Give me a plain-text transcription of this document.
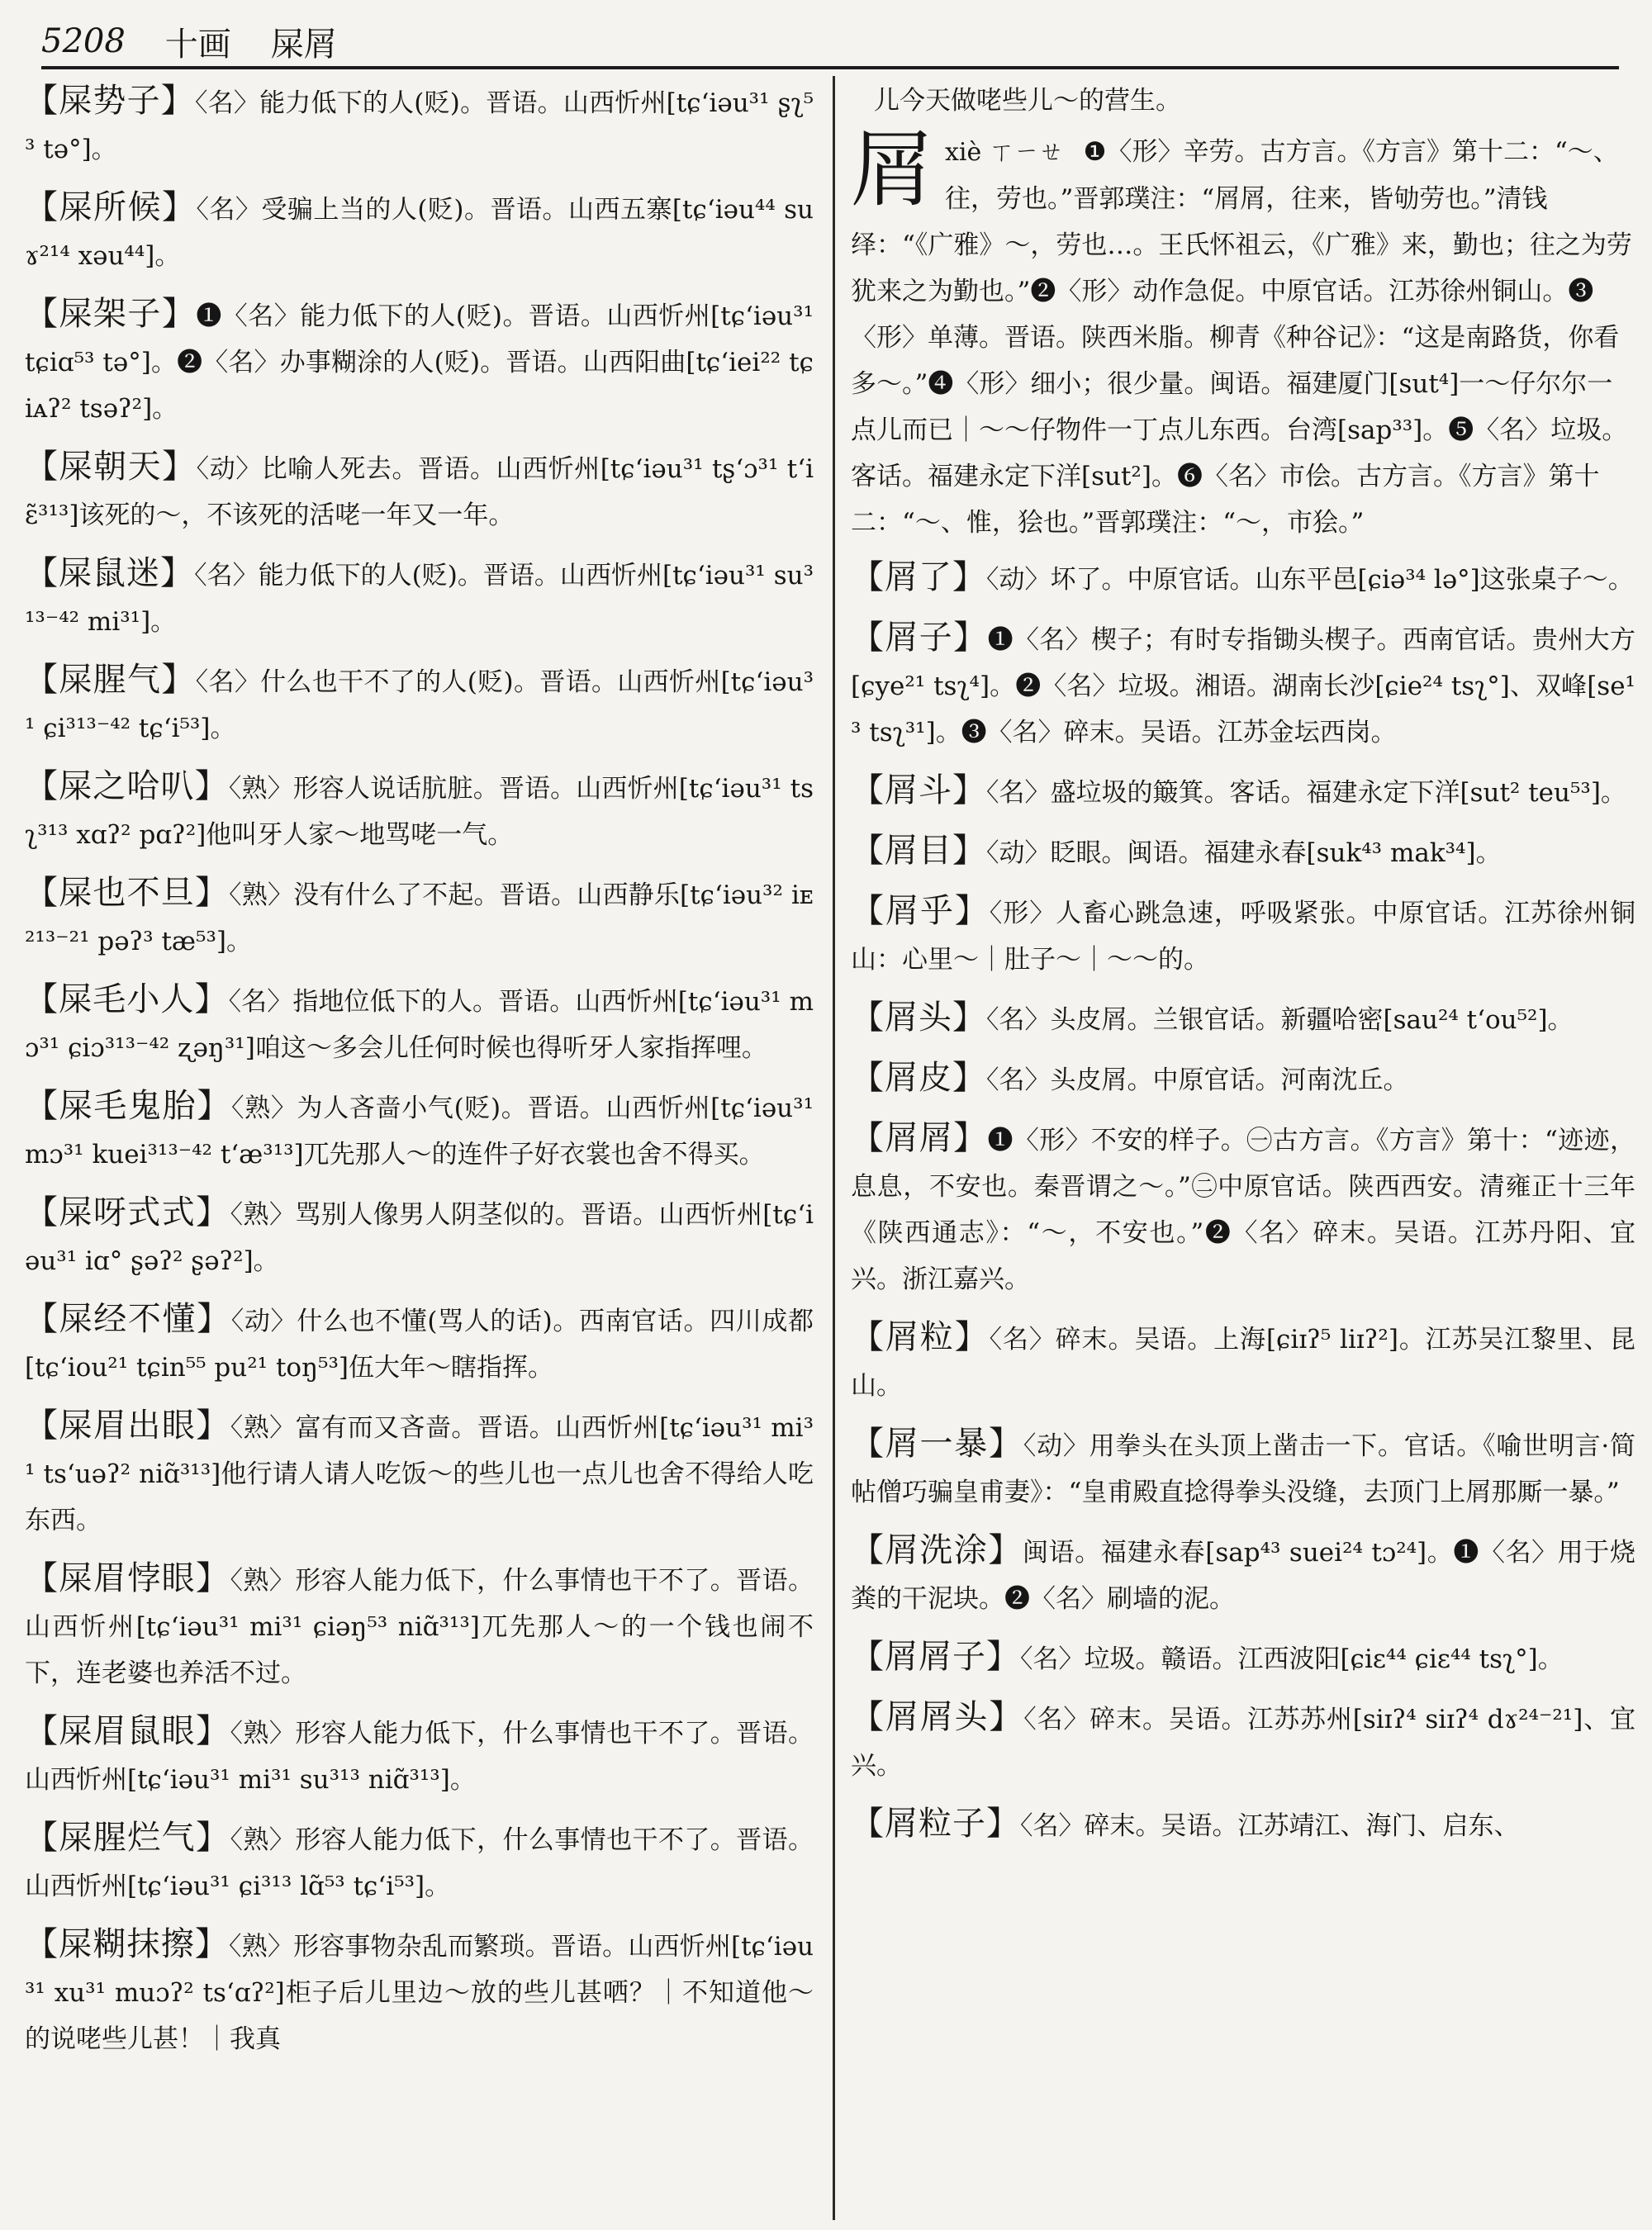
5208 十画 屎屑

【屎势子】〈名〉能力低下的人(贬)。晋语。山西忻州[tɕʻiəu³¹ ʂʅ⁵³ tə°]。

【屎所候】〈名〉受骗上当的人(贬)。晋语。山西五寨[tɕʻiəu⁴⁴ suɤ²¹⁴ xəu⁴⁴]。

【屎架子】❶〈名〉能力低下的人(贬)。晋语。山西忻州[tɕʻiəu³¹ tɕiɑ⁵³ tə°]。❷〈名〉办事糊涂的人(贬)。晋语。山西阳曲[tɕʻiei²² tɕiᴀʔ² tsəʔ²]。

【屎朝天】〈动〉比喻人死去。晋语。山西忻州[tɕʻiəu³¹ tʂʻɔ³¹ tʻiɛ̃³¹³]该死的～，不该死的活咾一年又一年。

【屎鼠迷】〈名〉能力低下的人(贬)。晋语。山西忻州[tɕʻiəu³¹ su³¹³⁻⁴² mi³¹]。

【屎腥气】〈名〉什么也干不了的人(贬)。晋语。山西忻州[tɕʻiəu³¹ ɕi³¹³⁻⁴² tɕʻi⁵³]。

【屎之哈叭】〈熟〉形容人说话肮脏。晋语。山西忻州[tɕʻiəu³¹ tsʅ³¹³ xɑʔ² pɑʔ²]他叫牙人家～地骂咾一气。

【屎也不旦】〈熟〉没有什么了不起。晋语。山西静乐[tɕʻiəu³² iᴇ²¹³⁻²¹ pəʔ³ tæ⁵³]。

【屎毛小人】〈名〉指地位低下的人。晋语。山西忻州[tɕʻiəu³¹ mɔ³¹ ɕiɔ³¹³⁻⁴² ʐəŋ³¹]咱这～多会儿任何时候也得听牙人家指挥哩。

【屎毛鬼胎】〈熟〉为人吝啬小气(贬)。晋语。山西忻州[tɕʻiəu³¹ mɔ³¹ kuei³¹³⁻⁴² tʻæ³¹³]兀先那人～的连件子好衣裳也舍不得买。

【屎呀式式】〈熟〉骂别人像男人阴茎似的。晋语。山西忻州[tɕʻiəu³¹ iɑ° ʂəʔ² ʂəʔ²]。

【屎经不懂】〈动〉什么也不懂(骂人的话)。西南官话。四川成都[tɕʻiou²¹ tɕin⁵⁵ pu²¹ toŋ⁵³]伍大年～瞎指挥。

【屎眉出眼】〈熟〉富有而又吝啬。晋语。山西忻州[tɕʻiəu³¹ mi³¹ tsʻuəʔ² niɑ̃³¹³]他行请人请人吃饭～的些儿也一点儿也舍不得给人吃东西。

【屎眉悖眼】〈熟〉形容人能力低下，什么事情也干不了。晋语。山西忻州[tɕʻiəu³¹ mi³¹ ɕiəŋ⁵³ niɑ̃³¹³]兀先那人～的一个钱也闹不下，连老婆也养活不过。

【屎眉鼠眼】〈熟〉形容人能力低下，什么事情也干不了。晋语。山西忻州[tɕʻiəu³¹ mi³¹ su³¹³ niɑ̃³¹³]。

【屎腥烂气】〈熟〉形容人能力低下，什么事情也干不了。晋语。山西忻州[tɕʻiəu³¹ ɕi³¹³ lɑ̃⁵³ tɕʻi⁵³]。

【屎糊抹擦】〈熟〉形容事物杂乱而繁琐。晋语。山西忻州[tɕʻiəu³¹ xu³¹ muɔʔ² tsʻɑʔ²]柜子后儿里边～放的些儿甚哂？｜不知道他～的说咾些儿甚！｜我真

儿今天做咾些儿～的营生。

屑 xiè ㄒㄧㄝ ❶〈形〉辛劳。古方言。《方言》第十二：“～、往，劳也。”晋郭璞注：“屑屑，往来，皆劬劳也。”清钱绎：“《广雅》～，劳也…。王氏怀祖云，《广雅》来，勤也；往之为劳犹来之为勤也。”❷〈形〉动作急促。中原官话。江苏徐州铜山。❸〈形〉单薄。晋语。陕西米脂。柳青《种谷记》：“这是南路货，你看多～。”❹〈形〉细小；很少量。闽语。福建厦门[sut⁴]一～仔尔尔一点儿而已｜～～仔物件一丁点儿东西。台湾[sap³³]。❺〈名〉垃圾。客话。福建永定下洋[sut²]。❻〈名〉市侩。古方言。《方言》第十二：“～、惟，狯也。”晋郭璞注：“～，市狯。”

【屑了】〈动〉坏了。中原官话。山东平邑[ɕiə³⁴ lə°]这张桌子～。

【屑子】❶〈名〉楔子；有时专指锄头楔子。西南官话。贵州大方[ɕye²¹ tsʅ⁴]。❷〈名〉垃圾。湘语。湖南长沙[ɕie²⁴ tsʅ°]、双峰[se¹³ tsʅ³¹]。❸〈名〉碎末。吴语。江苏金坛西岗。

【屑斗】〈名〉盛垃圾的簸箕。客话。福建永定下洋[sut² teu⁵³]。

【屑目】〈动〉眨眼。闽语。福建永春[suk⁴³ mak³⁴]。

【屑乎】〈形〉人畜心跳急速，呼吸紧张。中原官话。江苏徐州铜山：心里～｜肚子～｜～～的。

【屑头】〈名〉头皮屑。兰银官话。新疆哈密[sau²⁴ tʻou⁵²]。

【屑皮】〈名〉头皮屑。中原官话。河南沈丘。

【屑屑】❶〈形〉不安的样子。㊀古方言。《方言》第十：“迹迹，息息，不安也。秦晋谓之～。”㊁中原官话。陕西西安。清雍正十三年《陕西通志》：“～，不安也。”❷〈名〉碎末。吴语。江苏丹阳、宜兴。浙江嘉兴。

【屑粒】〈名〉碎末。吴语。上海[ɕiɪʔ⁵ liɪʔ²]。江苏吴江黎里、昆山。

【屑一暴】〈动〉用拳头在头顶上凿击一下。官话。《喻世明言·简帖僧巧骗皇甫妻》：“皇甫殿直捻得拳头没缝，去顶门上屑那厮一暴。”

【屑洗涂】闽语。福建永春[sap⁴³ suei²⁴ tɔ²⁴]。❶〈名〉用于烧粪的干泥块。❷〈名〉刷墙的泥。

【屑屑子】〈名〉垃圾。赣语。江西波阳[ɕiɛ⁴⁴ ɕiɛ⁴⁴ tsʅ°]。

【屑屑头】〈名〉碎末。吴语。江苏苏州[siɪʔ⁴ siɪʔ⁴ dɤ²⁴⁻²¹]、宜兴。

【屑粒子】〈名〉碎末。吴语。江苏靖江、海门、启东、
